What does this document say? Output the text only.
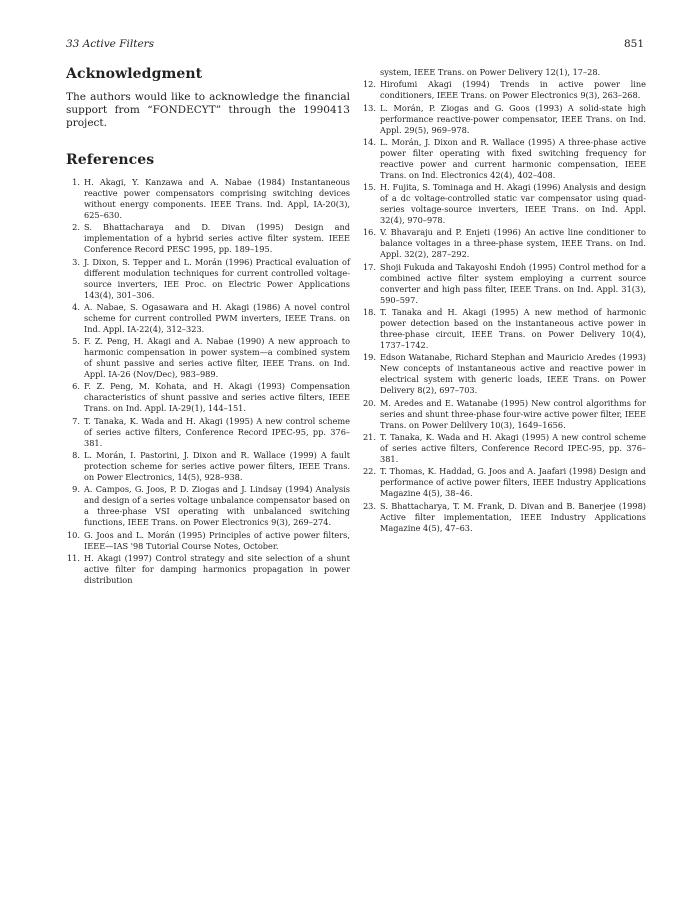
33 Active Filters	851
Acknowledgment

The authors would like to acknowledge the financial support from “FONDECYT” through the 1990413 project.

References
1 . H. Akagi, Y. Kanzawa and A. Nabae (1984) Instantaneous reactive power compensators comprising switching devices without energy components. IEEE Trans. Ind. Appl, IA-20(3), 625–630.
2 . S. Bhattacharaya and D. Divan (1995) Design and implementation of a hybrid series active filter system. IEEE Conference Record PESC 1995, pp. 189–195.
3 . J. Dixon, S. Tepper and L. Morán (1996) Practical evaluation of different modulation techniques for current controlled voltage-source inverters, IEE Proc. on Electric Power Applications 143(4), 301–306.
4 . A. Nabae, S. Ogasawara and H. Akagi (1986) A novel control scheme for current controlled PWM inverters, IEEE Trans. on Ind. Appl. IA-22(4), 312–323.
5 . F. Z. Peng, H. Akagi and A. Nabae (1990) A new approach to harmonic compensation in power system—a combined system of shunt passive and series active filter, IEEE Trans. on Ind. Appl. IA-26 (Nov/Dec), 983–989.
6 . F. Z. Peng, M. Kohata, and H. Akagi (1993) Compensation characteristics of shunt passive and series active filters, IEEE Trans. on Ind. Appl. IA-29(1), 144–151.
7 . T. Tanaka, K. Wada and H. Akagi (1995) A new control scheme of series active filters, Conference Record IPEC-95, pp. 376–381.
8 . L. Morán, I. Pastorini, J. Dixon and R. Wallace (1999) A fault protection scheme for series active power filters, IEEE Trans. on Power Electronics, 14(5), 928–938.
9 . A. Campos, G. Joos, P. D. Ziogas and J. Lindsay (1994) Analysis and design of a series voltage unbalance compensator based on a three-phase VSI operating with unbalanced switching functions, IEEE Trans. on Power Electronics 9(3), 269–274.
10 . G. Joos and L. Morán (1995) Principles of active power filters, IEEE—IAS '98 Tutorial Course Notes, October.
11 . H. Akagi (1997) Control strategy and site selection of a shunt active filter for damping harmonics propagation in power distribution
system, IEEE Trans. on Power Delivery 12(1), 17–28.
12 . Hirofumi Akagi (1994) Trends in active power line conditioners, IEEE Trans. on Power Electronics 9(3), 263–268.
13 . L. Morán, P. Ziogas and G. Goos (1993) A solid-state high performance reactive-power compensator, IEEE Trans. on Ind. Appl. 29(5), 969–978.
14 . L. Morán, J. Dixon and R. Wallace (1995) A three-phase active power filter operating with fixed switching frequency for reactive power and current harmonic compensation, IEEE Trans. on Ind. Electronics 42(4), 402–408.
15 . H. Fujita, S. Tominaga and H. Akagi (1996) Analysis and design of a dc voltage-controlled static var compensator using quad-series voltage-source inverters, IEEE Trans. on Ind. Appl. 32(4), 970–978.
16 . V. Bhavaraju and P. Enjeti (1996) An active line conditioner to balance voltages in a three-phase system, IEEE Trans. on Ind. Appl. 32(2), 287–292.
17 . Shoji Fukuda and Takayoshi Endoh (1995) Control method for a combined active filter system employing a current source converter and high pass filter, IEEE Trans. on Ind. Appl. 31(3), 590–597.
18 . T. Tanaka and H. Akagi (1995) A new method of harmonic power detection based on the instantaneous active power in three-phase circuit, IEEE Trans. on Power Delivery 10(4), 1737–1742.
19 . Edson Watanabe, Richard Stephan and Mauricio Aredes (1993) New concepts of instantaneous active and reactive power in electrical system with generic loads, IEEE Trans. on Power Delivery 8(2), 697–703.
20 . M. Aredes and E. Watanabe (1995) New control algorithms for series and shunt three-phase four-wire active power filter, IEEE Trans. on Power Delilvery 10(3), 1649–1656.
21 . T. Tanaka, K. Wada and H. Akagi (1995) A new control scheme of series active filters, Conference Record IPEC-95, pp. 376–381.
22 . T. Thomas, K. Haddad, G. Joos and A. Jaafari (1998) Design and performance of active power filters, IEEE Industry Applications Magazine 4(5), 38–46.
23 . S. Bhattacharya, T. M. Frank, D. Divan and B. Banerjee (1998) Active filter implementation, IEEE Industry Applications Magazine 4(5), 47–63.
